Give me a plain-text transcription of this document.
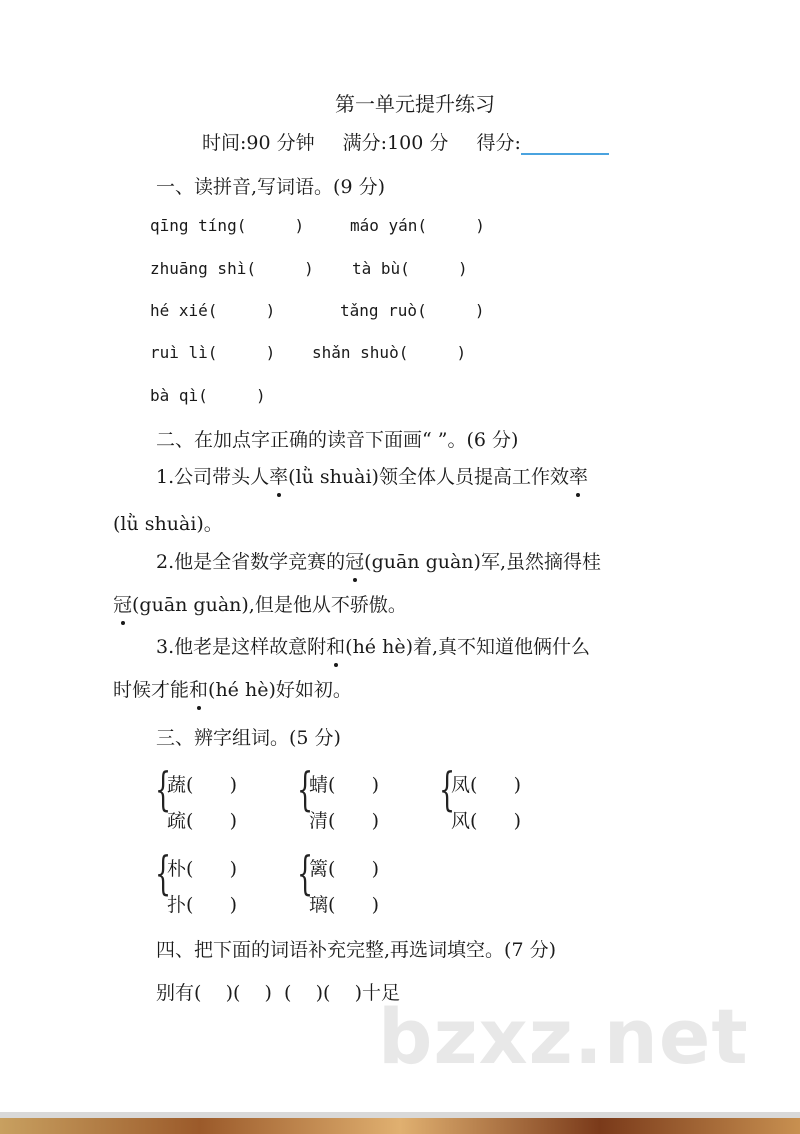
第一单元提升练习
时间:90 分钟 满分:100 分 得分:
一、读拼音,写词语。(9 分)
qīng tíng(     )	máo yán(     )
zhuāng shì(     ) tà bù(     )
hé xié(     )	tǎng ruò(     )
ruì lì(     ) shǎn shuò(     )
bà qì(     )
二、在加点字正确的读音下面画“ ”。(6 分)
1.公司带头人率(lǜ shuài)领全体人员提高工作效率
(lǜ shuài)。
2.他是全省数学竞赛的冠(guān guàn)军,虽然摘得桂
冠(guān guàn),但是他从不骄傲。
3.他老是这样故意附和(hé hè)着,真不知道他俩什么
时候才能和(hé hè)好如初。
三、辨字组词。(5 分)
{
蔬(      )
疏(      )
{
蜻(      )
清(      )
{
凤(      )
风(      )
{
朴(      )
扑(      )
{
篱(      )
璃(      )
四、把下面的词语补充完整,再选词填空。(7 分)
别有(    )(    )  (    )(    )十足
bzxz.net
